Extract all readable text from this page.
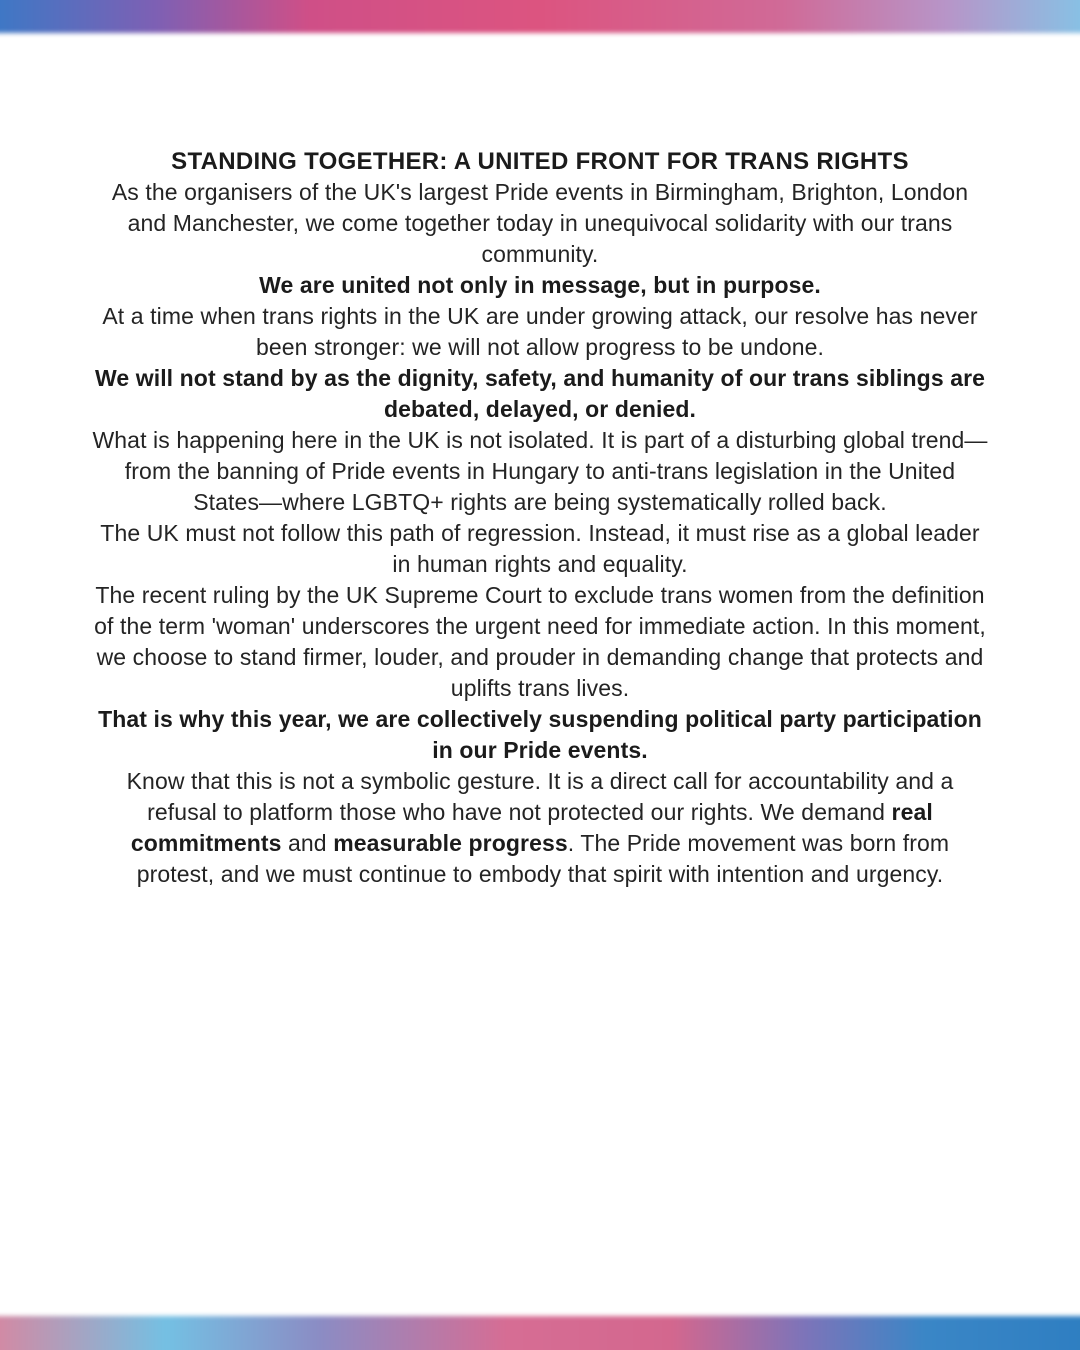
STANDING TOGETHER: A UNITED FRONT FOR TRANS RIGHTS

As the organisers of the UK's largest Pride events in Birmingham, Brighton, London and Manchester, we come together today in unequivocal solidarity with our trans community.

We are united not only in message, but in purpose.

At a time when trans rights in the UK are under growing attack, our resolve has never been stronger: we will not allow progress to be undone.
We will not stand by as the dignity, safety, and humanity of our trans siblings are debated, delayed, or denied.

What is happening here in the UK is not isolated. It is part of a disturbing global trend—from the banning of Pride events in Hungary to anti-trans legislation in the United States—where LGBTQ+ rights are being systematically rolled back.

The UK must not follow this path of regression. Instead, it must rise as a global leader in human rights and equality.

The recent ruling by the UK Supreme Court to exclude trans women from the definition of the term 'woman' underscores the urgent need for immediate action. In this moment, we choose to stand firmer, louder, and prouder in demanding change that protects and uplifts trans lives.

That is why this year, we are collectively suspending political party participation in our Pride events.

Know that this is not a symbolic gesture. It is a direct call for accountability and a refusal to platform those who have not protected our rights. We demand real commitments and measurable progress. The Pride movement was born from protest, and we must continue to embody that spirit with intention and urgency.
